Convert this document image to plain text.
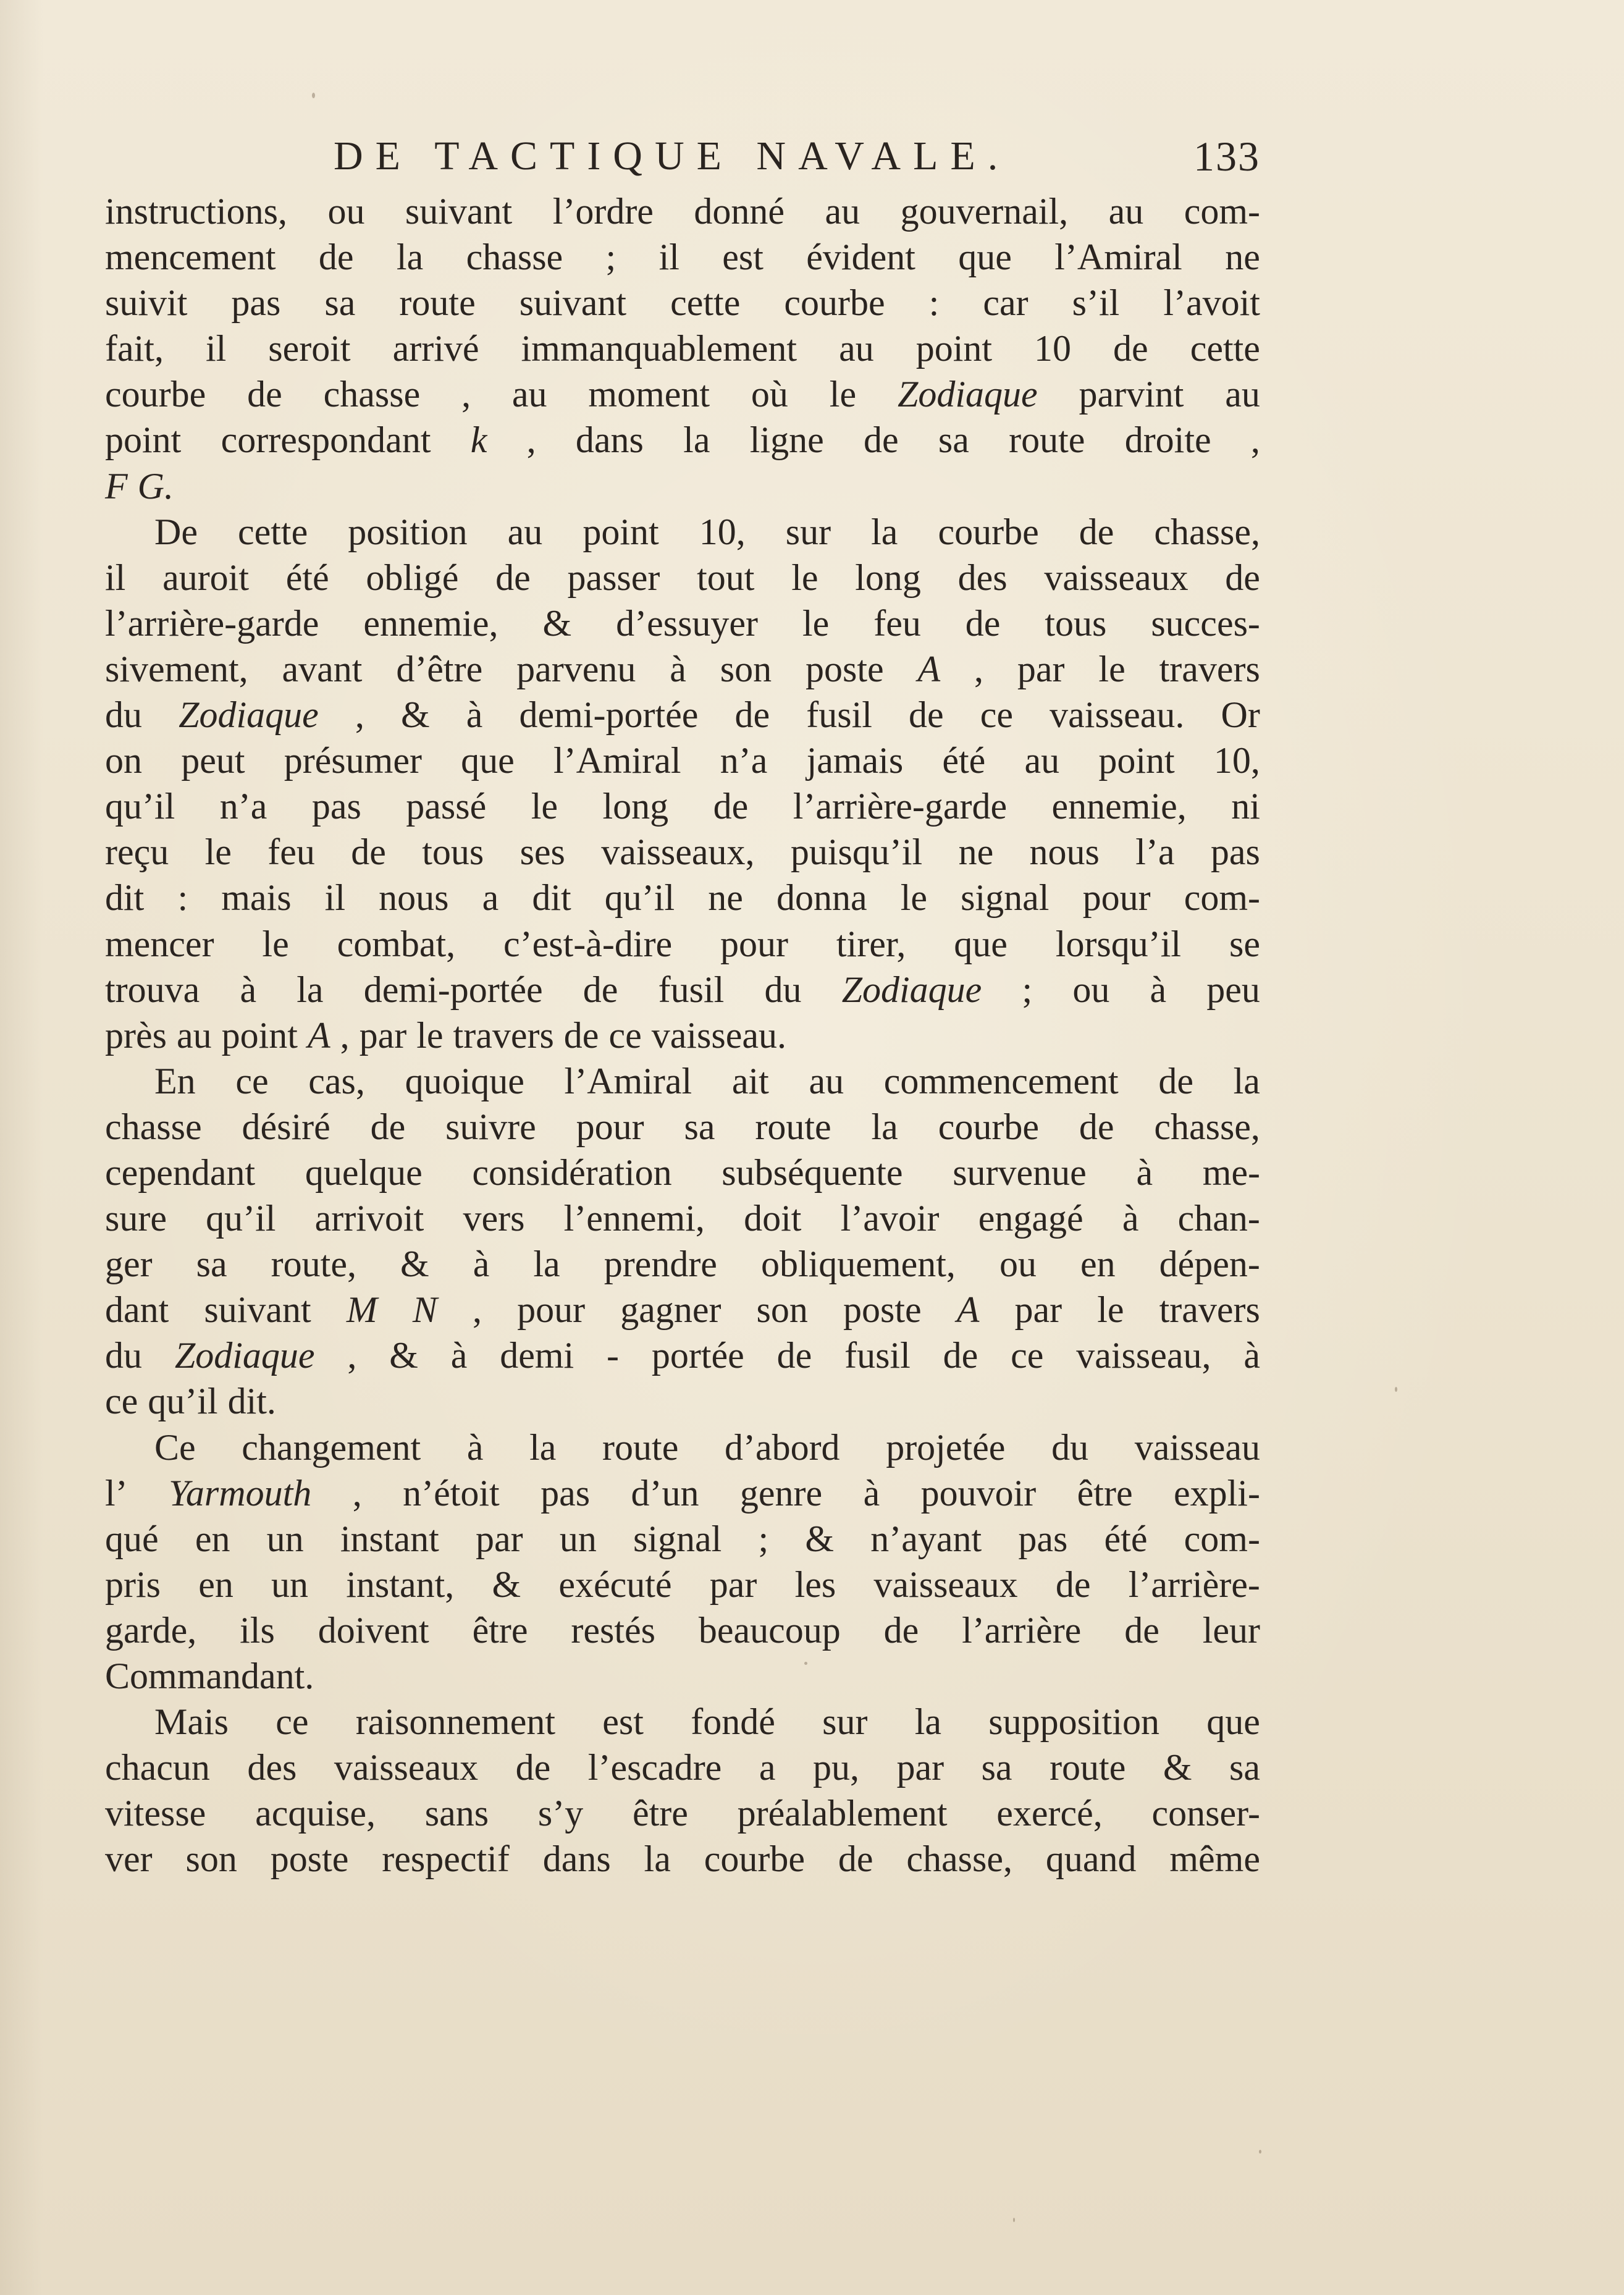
DE TACTIQUE NAVALE.	133
instructions, ou suivant l’ordre donné au gouvernail, au com-
mencement de la chasse ; il est évident que l’Amiral ne
suivit pas sa route suivant cette courbe : car s’il l’avoit
fait, il seroit arrivé immanquablement au point 10 de cette
courbe de chasse , au moment où le Zodiaque parvint au
point correspondant k , dans la ligne de sa route droite ,
F G.
De cette position au point 10, sur la courbe de chasse,
il auroit été obligé de passer tout le long des vaisseaux de
l’arrière-garde ennemie, & d’essuyer le feu de tous succes-
sivement, avant d’être parvenu à son poste A , par le travers
du Zodiaque , & à demi-portée de fusil de ce vaisseau. Or
on peut présumer que l’Amiral n’a jamais été au point 10,
qu’il n’a pas passé le long de l’arrière-garde ennemie, ni
reçu le feu de tous ses vaisseaux, puisqu’il ne nous l’a pas
dit : mais il nous a dit qu’il ne donna le signal pour com-
mencer le combat, c’est-à-dire pour tirer, que lorsqu’il se
trouva à la demi-portée de fusil du Zodiaque ; ou à peu
près au point A , par le travers de ce vaisseau.
En ce cas, quoique l’Amiral ait au commencement de la
chasse désiré de suivre pour sa route la courbe de chasse,
cependant quelque considération subséquente survenue à me-
sure qu’il arrivoit vers l’ennemi, doit l’avoir engagé à chan-
ger sa route, & à la prendre obliquement, ou en dépen-
dant suivant M N , pour gagner son poste A par le travers
du Zodiaque , & à demi - portée de fusil de ce vaisseau, à
ce qu’il dit.
Ce changement à la route d’abord projetée du vaisseau
l’ Yarmouth , n’étoit pas d’un genre à pouvoir être expli-
qué en un instant par un signal ; & n’ayant pas été com-
pris en un instant, & exécuté par les vaisseaux de l’arrière-
garde, ils doivent être restés beaucoup de l’arrière de leur
Commandant.
Mais ce raisonnement est fondé sur la supposition que
chacun des vaisseaux de l’escadre a pu, par sa route & sa
vitesse acquise, sans s’y être préalablement exercé, conser-
ver son poste respectif dans la courbe de chasse, quand même
